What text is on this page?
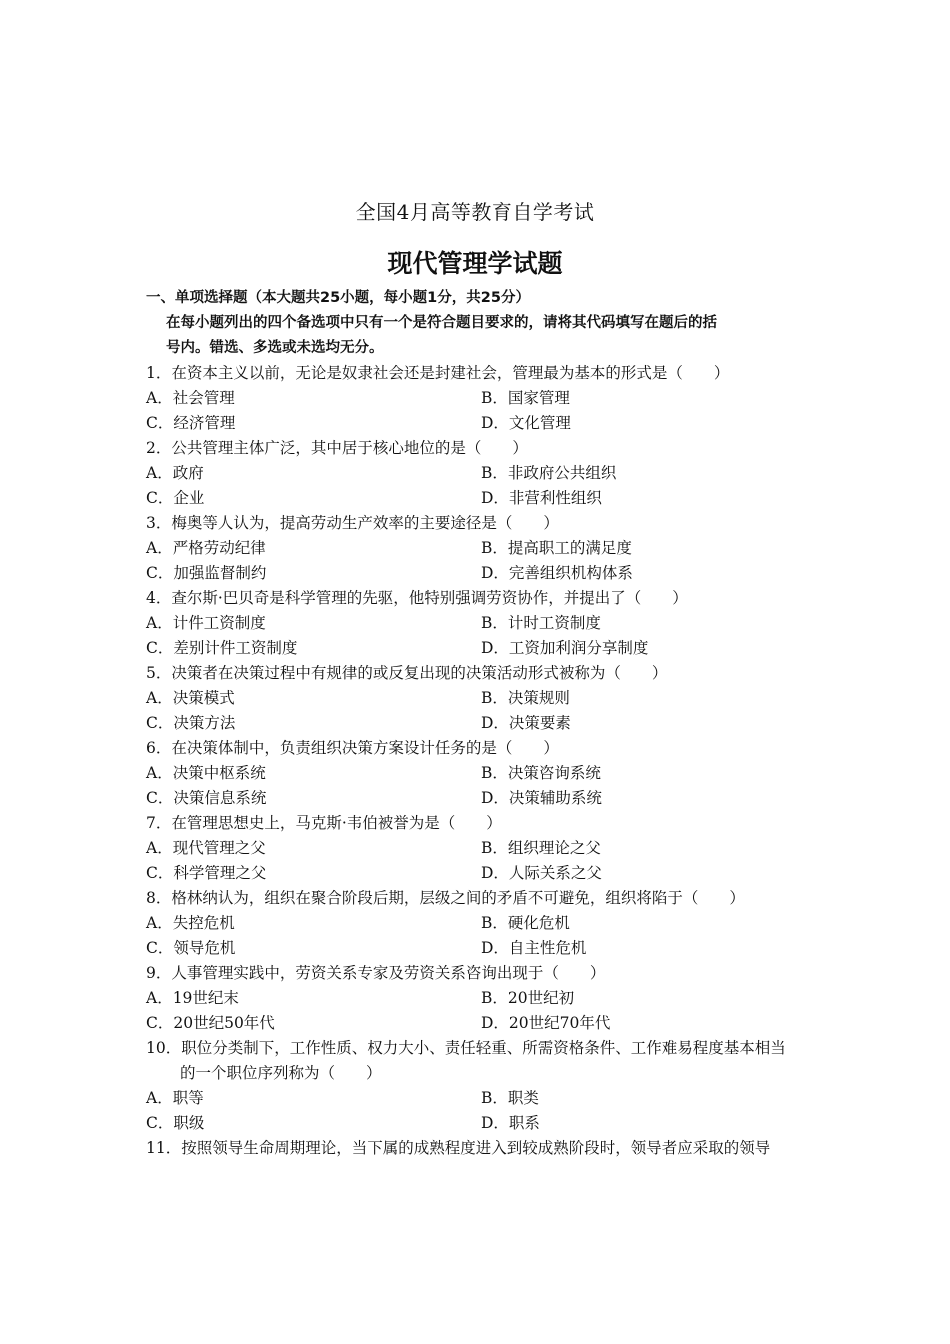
全国4月高等教育自学考试
现代管理学试题
一、单项选择题（本大题共25小题，每小题1分，共25分）
在每小题列出的四个备选项中只有一个是符合题目要求的，请将其代码填写在题后的括
号内。错选、多选或未选均无分。
1．在资本主义以前，无论是奴隶社会还是封建社会，管理最为基本的形式是（　　）
A．社会管理	B．国家管理
C．经济管理	D．文化管理
2．公共管理主体广泛，其中居于核心地位的是（　　）
A．政府	B．非政府公共组织
C．企业	D．非营利性组织
3．梅奥等人认为，提高劳动生产效率的主要途径是（　　）
A．严格劳动纪律	B．提高职工的满足度
C．加强监督制约	D．完善组织机构体系
4．查尔斯·巴贝奇是科学管理的先驱，他特别强调劳资协作，并提出了（　　）
A．计件工资制度	B．计时工资制度
C．差别计件工资制度	D．工资加利润分享制度
5．决策者在决策过程中有规律的或反复出现的决策活动形式被称为（　　）
A．决策模式	B．决策规则
C．决策方法	D．决策要素
6．在决策体制中，负责组织决策方案设计任务的是（　　）
A．决策中枢系统	B．决策咨询系统
C．决策信息系统	D．决策辅助系统
7．在管理思想史上，马克斯·韦伯被誉为是（　　）
A．现代管理之父	B．组织理论之父
C．科学管理之父	D．人际关系之父
8．格林纳认为，组织在聚合阶段后期，层级之间的矛盾不可避免，组织将陷于（　　）
A．失控危机	B．硬化危机
C．领导危机	D．自主性危机
9．人事管理实践中，劳资关系专家及劳资关系咨询出现于（　　）
A．19世纪末	B．20世纪初
C．20世纪50年代	D．20世纪70年代
10．职位分类制下，工作性质、权力大小、责任轻重、所需资格条件、工作难易程度基本相当
的一个职位序列称为（　　）
A．职等	B．职类
C．职级	D．职系
11．按照领导生命周期理论，当下属的成熟程度进入到较成熟阶段时，领导者应采取的领导
